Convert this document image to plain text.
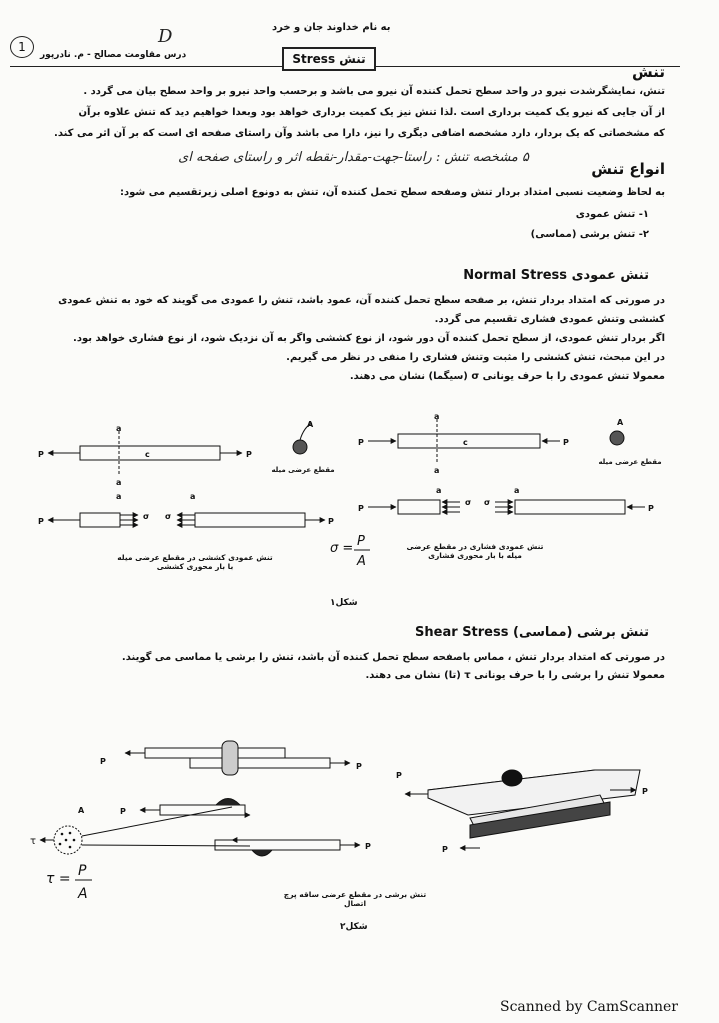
1
درس مقاومت مصالح - م. نادرپور
D	به نام خداوند جان و خرد
تنش Stress
تنش
تنش، نمایشگرشدت نیرو در واحد سطح تحمل کننده آن نیرو می باشد و برحسب واحد نیرو بر واحد سطح بیان می گردد .
از آن جایی که نیرو یک کمیت برداری است .لذا تنش نیز یک کمیت برداری خواهد بود وبعدا خواهیم دید که تنش علاوه برآن
که مشخصاتی که یک بردار، دارد مشخصه اضافی دیگری را نیز، دارا می باشد وآن راستای صفحه ای است که بر آن اثر می کند.
۵ مشخصه تنش : راستا-جهت-مقدار-نقطه اثر و راستای صفحه ای
انواع تنش
به لحاظ وضعیت نسبی امتداد بردار تنش وصفحه سطح تحمل کننده آن، تنش به دونوع اصلی زیرتقسیم می شود:
۱- تنش عمودی
۲- تنش برشی (مماسی)
تنش عمودی Normal Stress
در صورتی که امتداد بردار تنش، بر صفحه سطح تحمل کننده آن، عمود باشد، تنش را عمودی می گویند که خود به تنش عمودی
کششی وتنش عمودی فشاری تقسیم می گردد.
اگر بردار تنش عمودی، از سطح تحمل کننده آن دور شود، از نوع کششی واگر به آن نزدیک شود، از نوع فشاری خواهد بود.
در این مبحث، تنش کششی را مثبت وتنش فشاری را منفی در نظر می گیریم.
معمولا تنش عمودی را با حرف یونانی σ (سیگما) نشان می دهند.
P	P
a
a
c
A
P	P
a
a
c
A
P	P
a	a
σ σ
P	P
a	a
σ σ
σ = P
A
مقطع عرضی میله
مقطع عرضی میله
تنش عمودی کششی در مقطع عرضی میله با بار محوری کششی
تنش عمودی فشاری در مقطع عرضی میله با بار محوری فشاری
شکل۱
تنش برشی (مماسی) Shear Stress
در صورتی که امتداد بردار تنش ، مماس باصفحه سطح تحمل کننده آن باشد، تنش را برشی یا مماسی می گویند.
معمولا تنش را برشی را با حرف یونانی τ (تا) نشان می دهند.
P
P
P
P
A
P
P
P
τ
τ = P
A	تنش برشی در مقطع عرضی ساقه پرچ اتصال
شکل۲
Scanned by CamScanner
